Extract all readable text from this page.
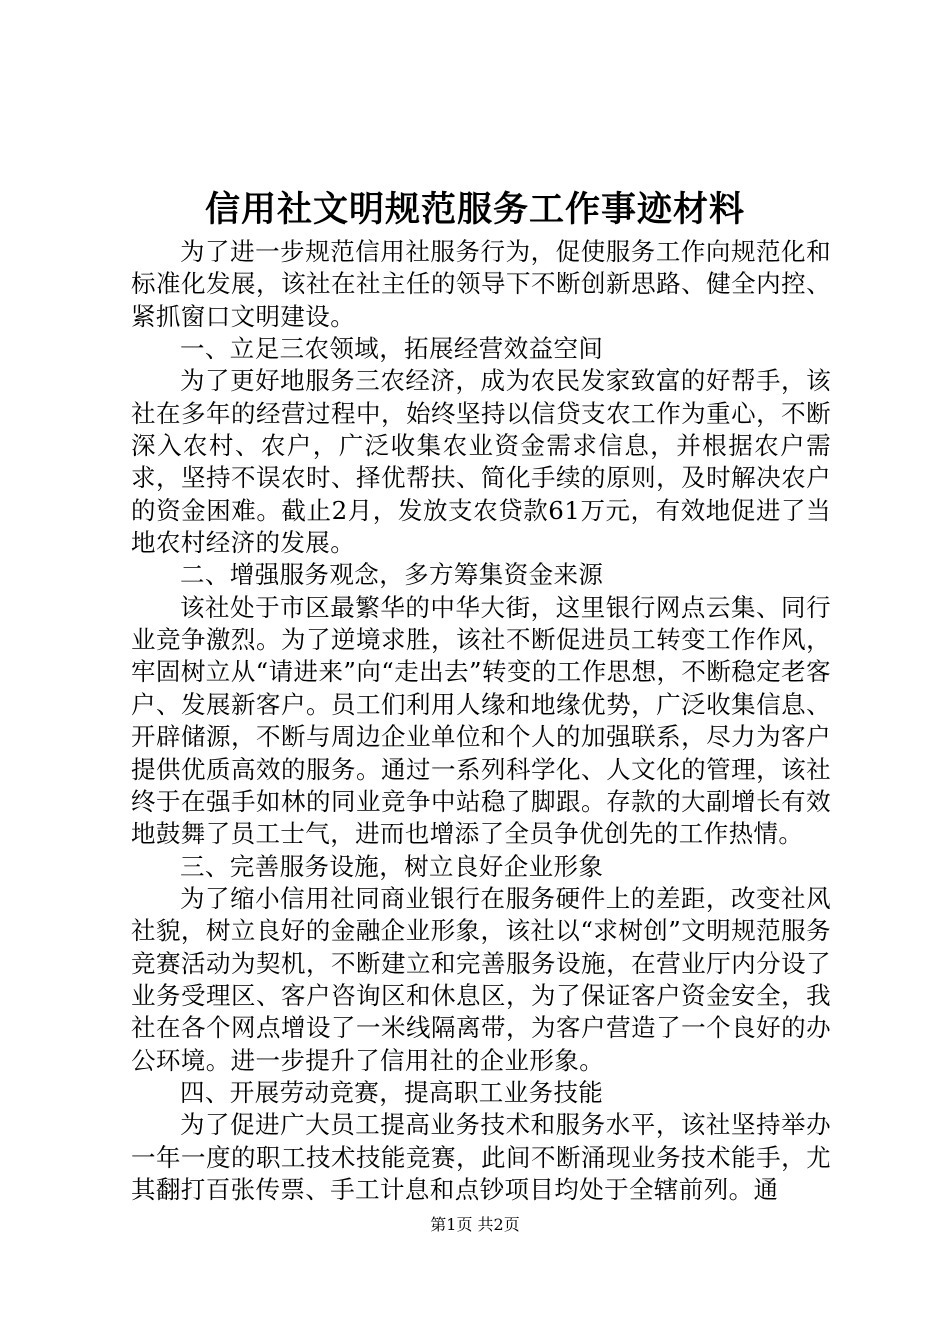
信用社文明规范服务工作事迹材料

为了进一步规范信用社服务行为，促使服务工作向规范化和标准化发展，该社在社主任的领导下不断创新思路、健全内控、紧抓窗口文明建设。

一、立足三农领域，拓展经营效益空间

为了更好地服务三农经济，成为农民发家致富的好帮手，该社在多年的经营过程中，始终坚持以信贷支农工作为重心，不断深入农村、农户，广泛收集农业资金需求信息，并根据农户需求，坚持不误农时、择优帮扶、简化手续的原则，及时解决农户的资金困难。截止2月，发放支农贷款61万元，有效地促进了当地农村经济的发展。

二、增强服务观念，多方筹集资金来源

该社处于市区最繁华的中华大街，这里银行网点云集、同行业竞争激烈。为了逆境求胜，该社不断促进员工转变工作作风，牢固树立从“请进来”向“走出去”转变的工作思想，不断稳定老客户、发展新客户。员工们利用人缘和地缘优势，广泛收集信息、开辟储源，不断与周边企业单位和个人的加强联系，尽力为客户提供优质高效的服务。通过一系列科学化、人文化的管理，该社终于在强手如林的同业竞争中站稳了脚跟。存款的大副增长有效地鼓舞了员工士气，进而也增添了全员争优创先的工作热情。

三、完善服务设施，树立良好企业形象

为了缩小信用社同商业银行在服务硬件上的差距，改变社风社貌，树立良好的金融企业形象，该社以“求树创”文明规范服务竞赛活动为契机，不断建立和完善服务设施，在营业厅内分设了业务受理区、客户咨询区和休息区，为了保证客户资金安全，我社在各个网点增设了一米线隔离带，为客户营造了一个良好的办公环境。进一步提升了信用社的企业形象。

四、开展劳动竞赛，提高职工业务技能

为了促进广大员工提高业务技术和服务水平，该社坚持举办一年一度的职工技术技能竞赛，此间不断涌现业务技术能手，尤其翻打百张传票、手工计息和点钞项目均处于全辖前列。通

第1页 共2页
